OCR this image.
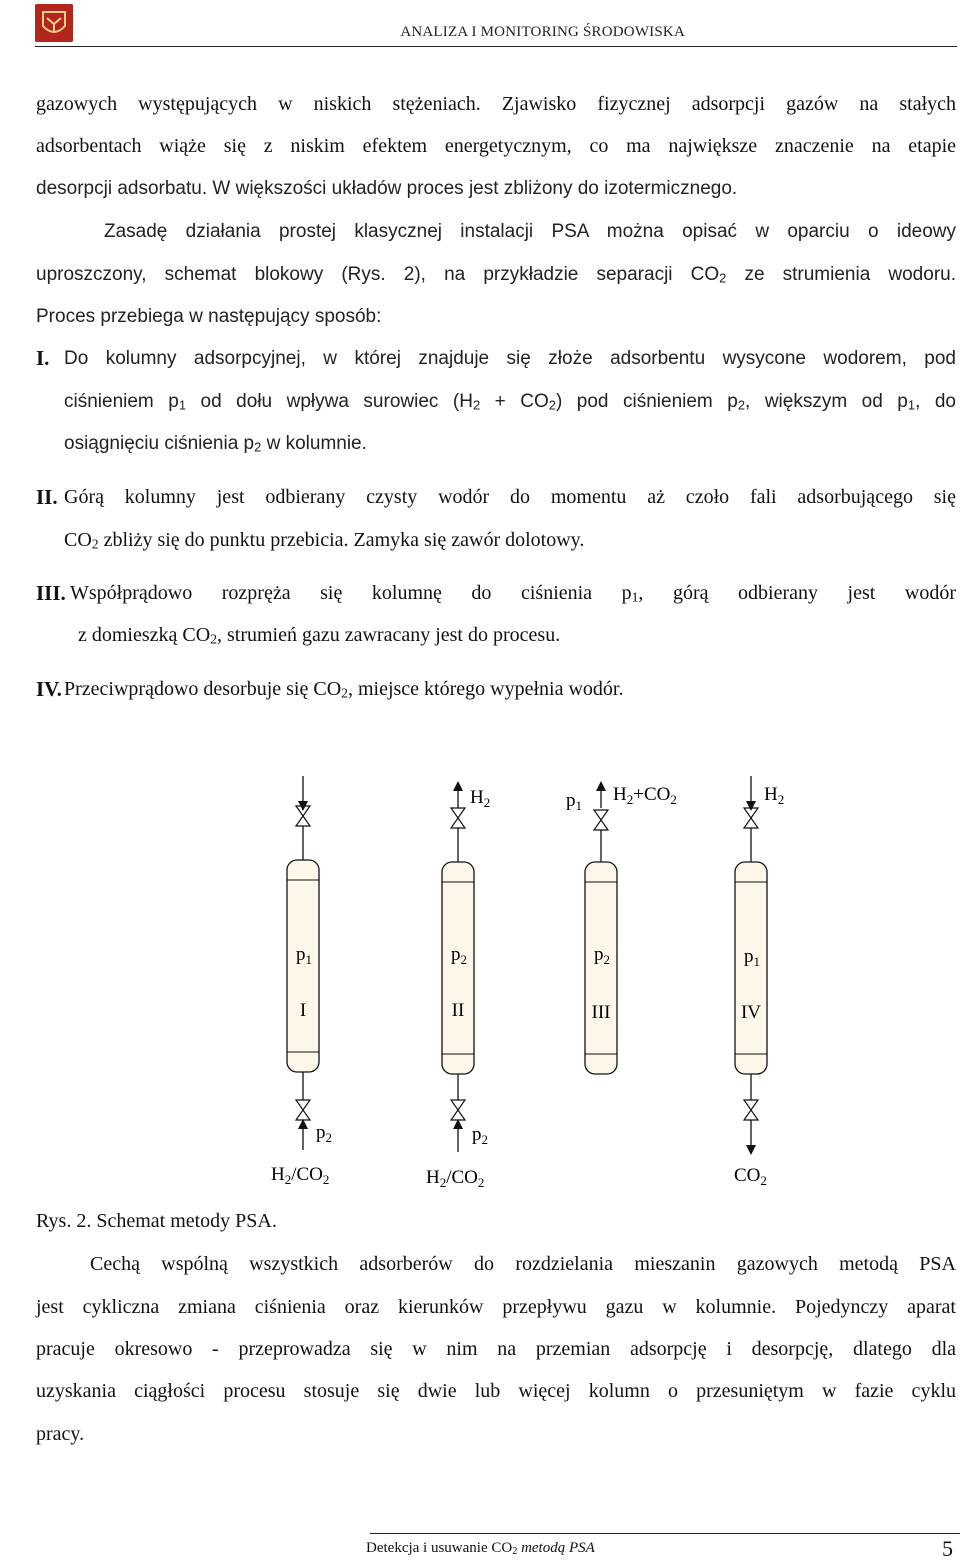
ANALIZA I MONITORING ŚRODOWISKA
gazowych występujących w niskich stężeniach. Zjawisko fizycznej adsorpcji gazów na stałych
adsorbentach wiąże się z niskim efektem energetycznym, co ma największe znaczenie na etapie
desorpcji adsorbatu. W większości układów proces jest zbliżony do izotermicznego.
Zasadę działania prostej klasycznej instalacji PSA można opisać w oparciu o ideowy
uproszczony, schemat blokowy (Rys. 2), na przykładzie separacji $CO_2$ ze strumienia wodoru.
Proces przebiega w następujący sposób:
I. Do kolumny adsorpcyjnej, w której znajduje się złoże adsorbentu wysycone wodorem, pod
ciśnieniem $p_1$ od dołu wpływa surowiec $(H_2 + CO_2)$ pod ciśnieniem $p_2$, większym od $p_1$, do
osiągnięciu ciśnienia $p_2$ w kolumnie.
II. Górą kolumny jest odbierany czysty wodór do momentu aż czoło fali adsorbującego się
$CO_2$ zbliży się do punktu przebicia. Zamyka się zawór dolotowy.
III. Współprądowo rozpręża się kolumnę do ciśnienia $p_1$, górą odbierany jest wodór
z domieszką $CO_2$, strumień gazu zawracany jest do procesu.
IV. Przeciwprądowo desorbuje się $CO_2$, miejsce którego wypełnia wodór.
$H_2$	$p_1$
$H_2+CO_2$	$H_2$
$p_1$
I
$p_2$
II
$p_2$
III
$p_1$
IV
$p_2$	$p_2$
$H_2/CO_2$	$H_2/CO_2$	$CO_2$
Rys. 2. Schemat metody PSA.
Cechą wspólną wszystkich adsorberów do rozdzielania mieszanin gazowych metodą PSA
jest cykliczna zmiana ciśnienia oraz kierunków przepływu gazu w kolumnie. Pojedynczy aparat
pracuje okresowo - przeprowadza się w nim na przemian adsorpcję i desorpcję, dlatego dla
uzyskania ciągłości procesu stosuje się dwie lub więcej kolumn o przesuniętym w fazie cyklu
pracy.
Detekcja i usuwanie $CO_2$ metodą PSA	5
